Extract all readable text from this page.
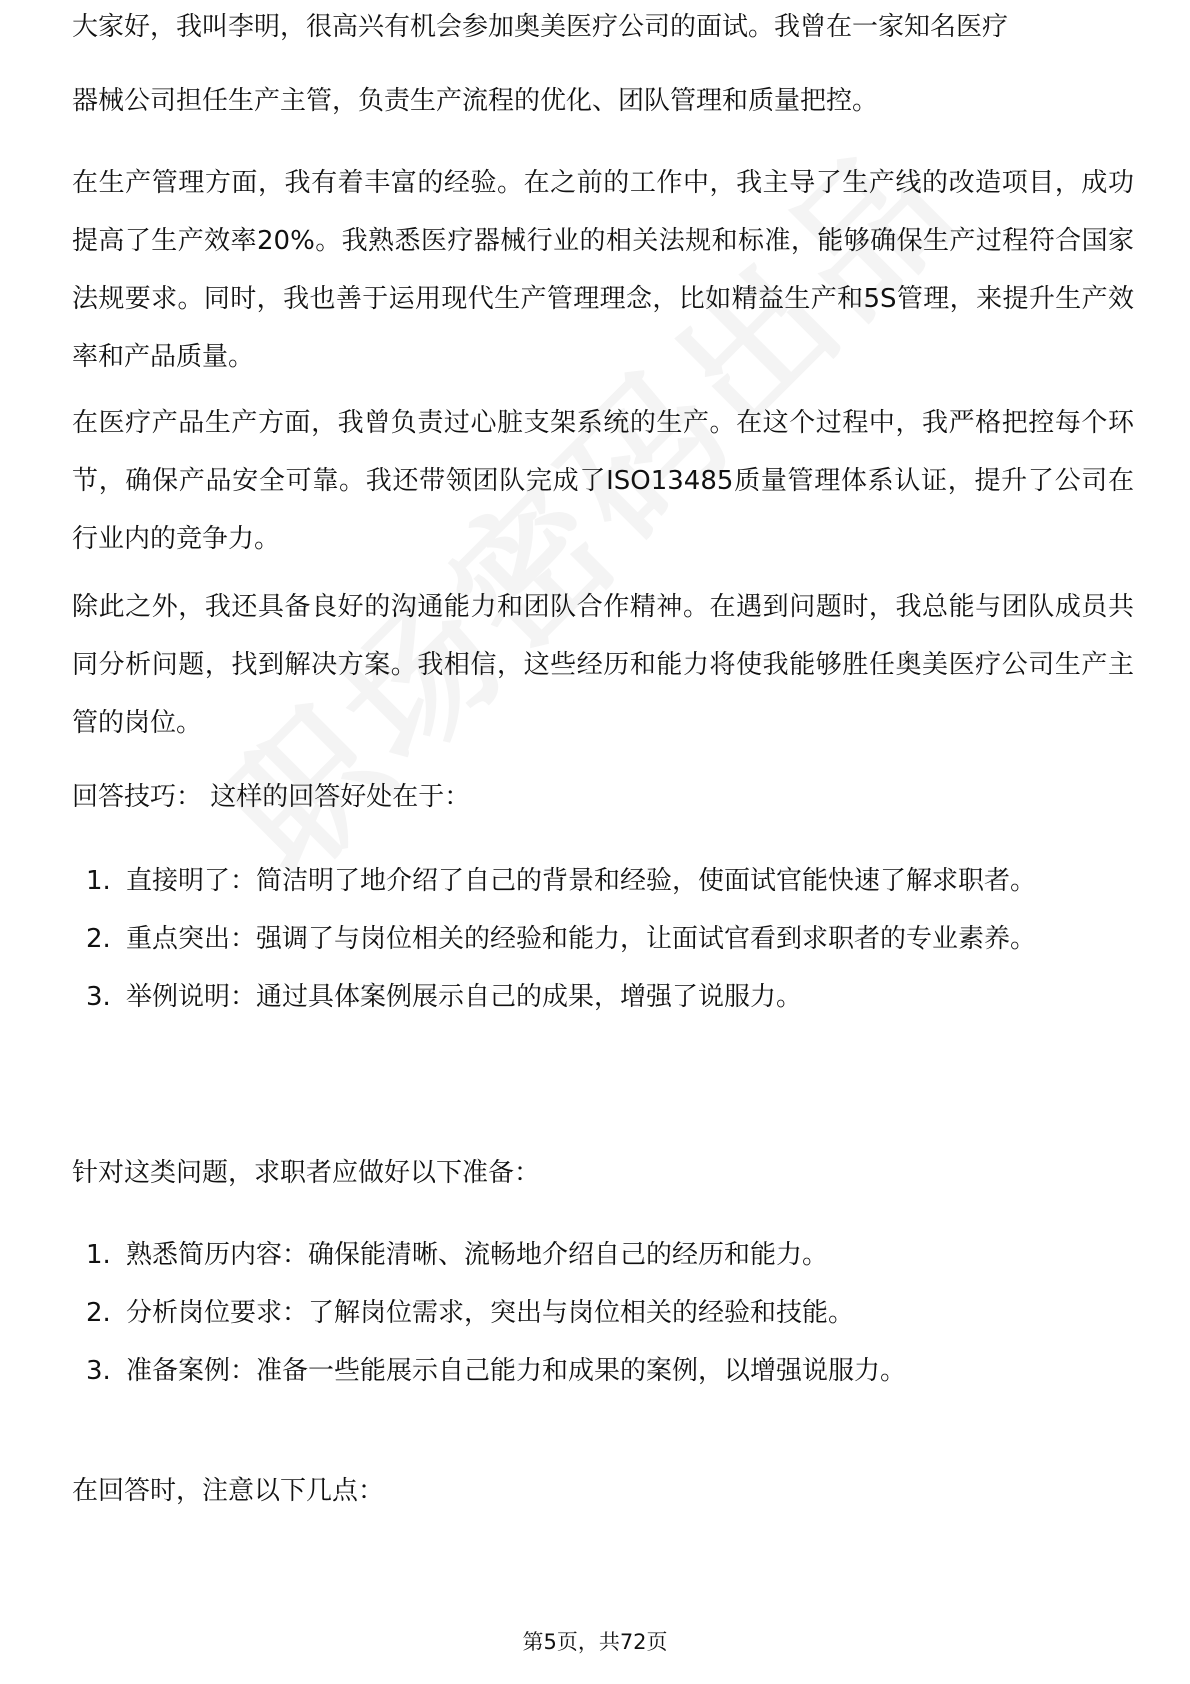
大家好，我叫李明，很高兴有机会参加奥美医疗公司的面试。我曾在一家知名医疗

器械公司担任生产主管，负责生产流程的优化、团队管理和质量把控。

在生产管理方面，我有着丰富的经验。在之前的工作中，我主导了生产线的改造项目，成功提高了生产效率20%。我熟悉医疗器械行业的相关法规和标准，能够确保生产过程符合国家法规要求。同时，我也善于运用现代生产管理理念，比如精益生产和5S管理，来提升生产效率和产品质量。

在医疗产品生产方面，我曾负责过心脏支架系统的生产。在这个过程中，我严格把控每个环节，确保产品安全可靠。我还带领团队完成了ISO13485质量管理体系认证，提升了公司在行业内的竞争力。

除此之外，我还具备良好的沟通能力和团队合作精神。在遇到问题时，我总能与团队成员共同分析问题，找到解决方案。我相信，这些经历和能力将使我能够胜任奥美医疗公司生产主管的岗位。

回答技巧： 这样的回答好处在于：

1. 直接明了：简洁明了地介绍了自己的背景和经验，使面试官能快速了解求职者。
2. 重点突出：强调了与岗位相关的经验和能力，让面试官看到求职者的专业素养。
3. 举例说明：通过具体案例展示自己的成果，增强了说服力。

针对这类问题，求职者应做好以下准备：

1. 熟悉简历内容：确保能清晰、流畅地介绍自己的经历和能力。
2. 分析岗位要求：了解岗位需求，突出与岗位相关的经验和技能。
3. 准备案例：准备一些能展示自己能力和成果的案例，以增强说服力。

在回答时，注意以下几点：

第5页，共72页
